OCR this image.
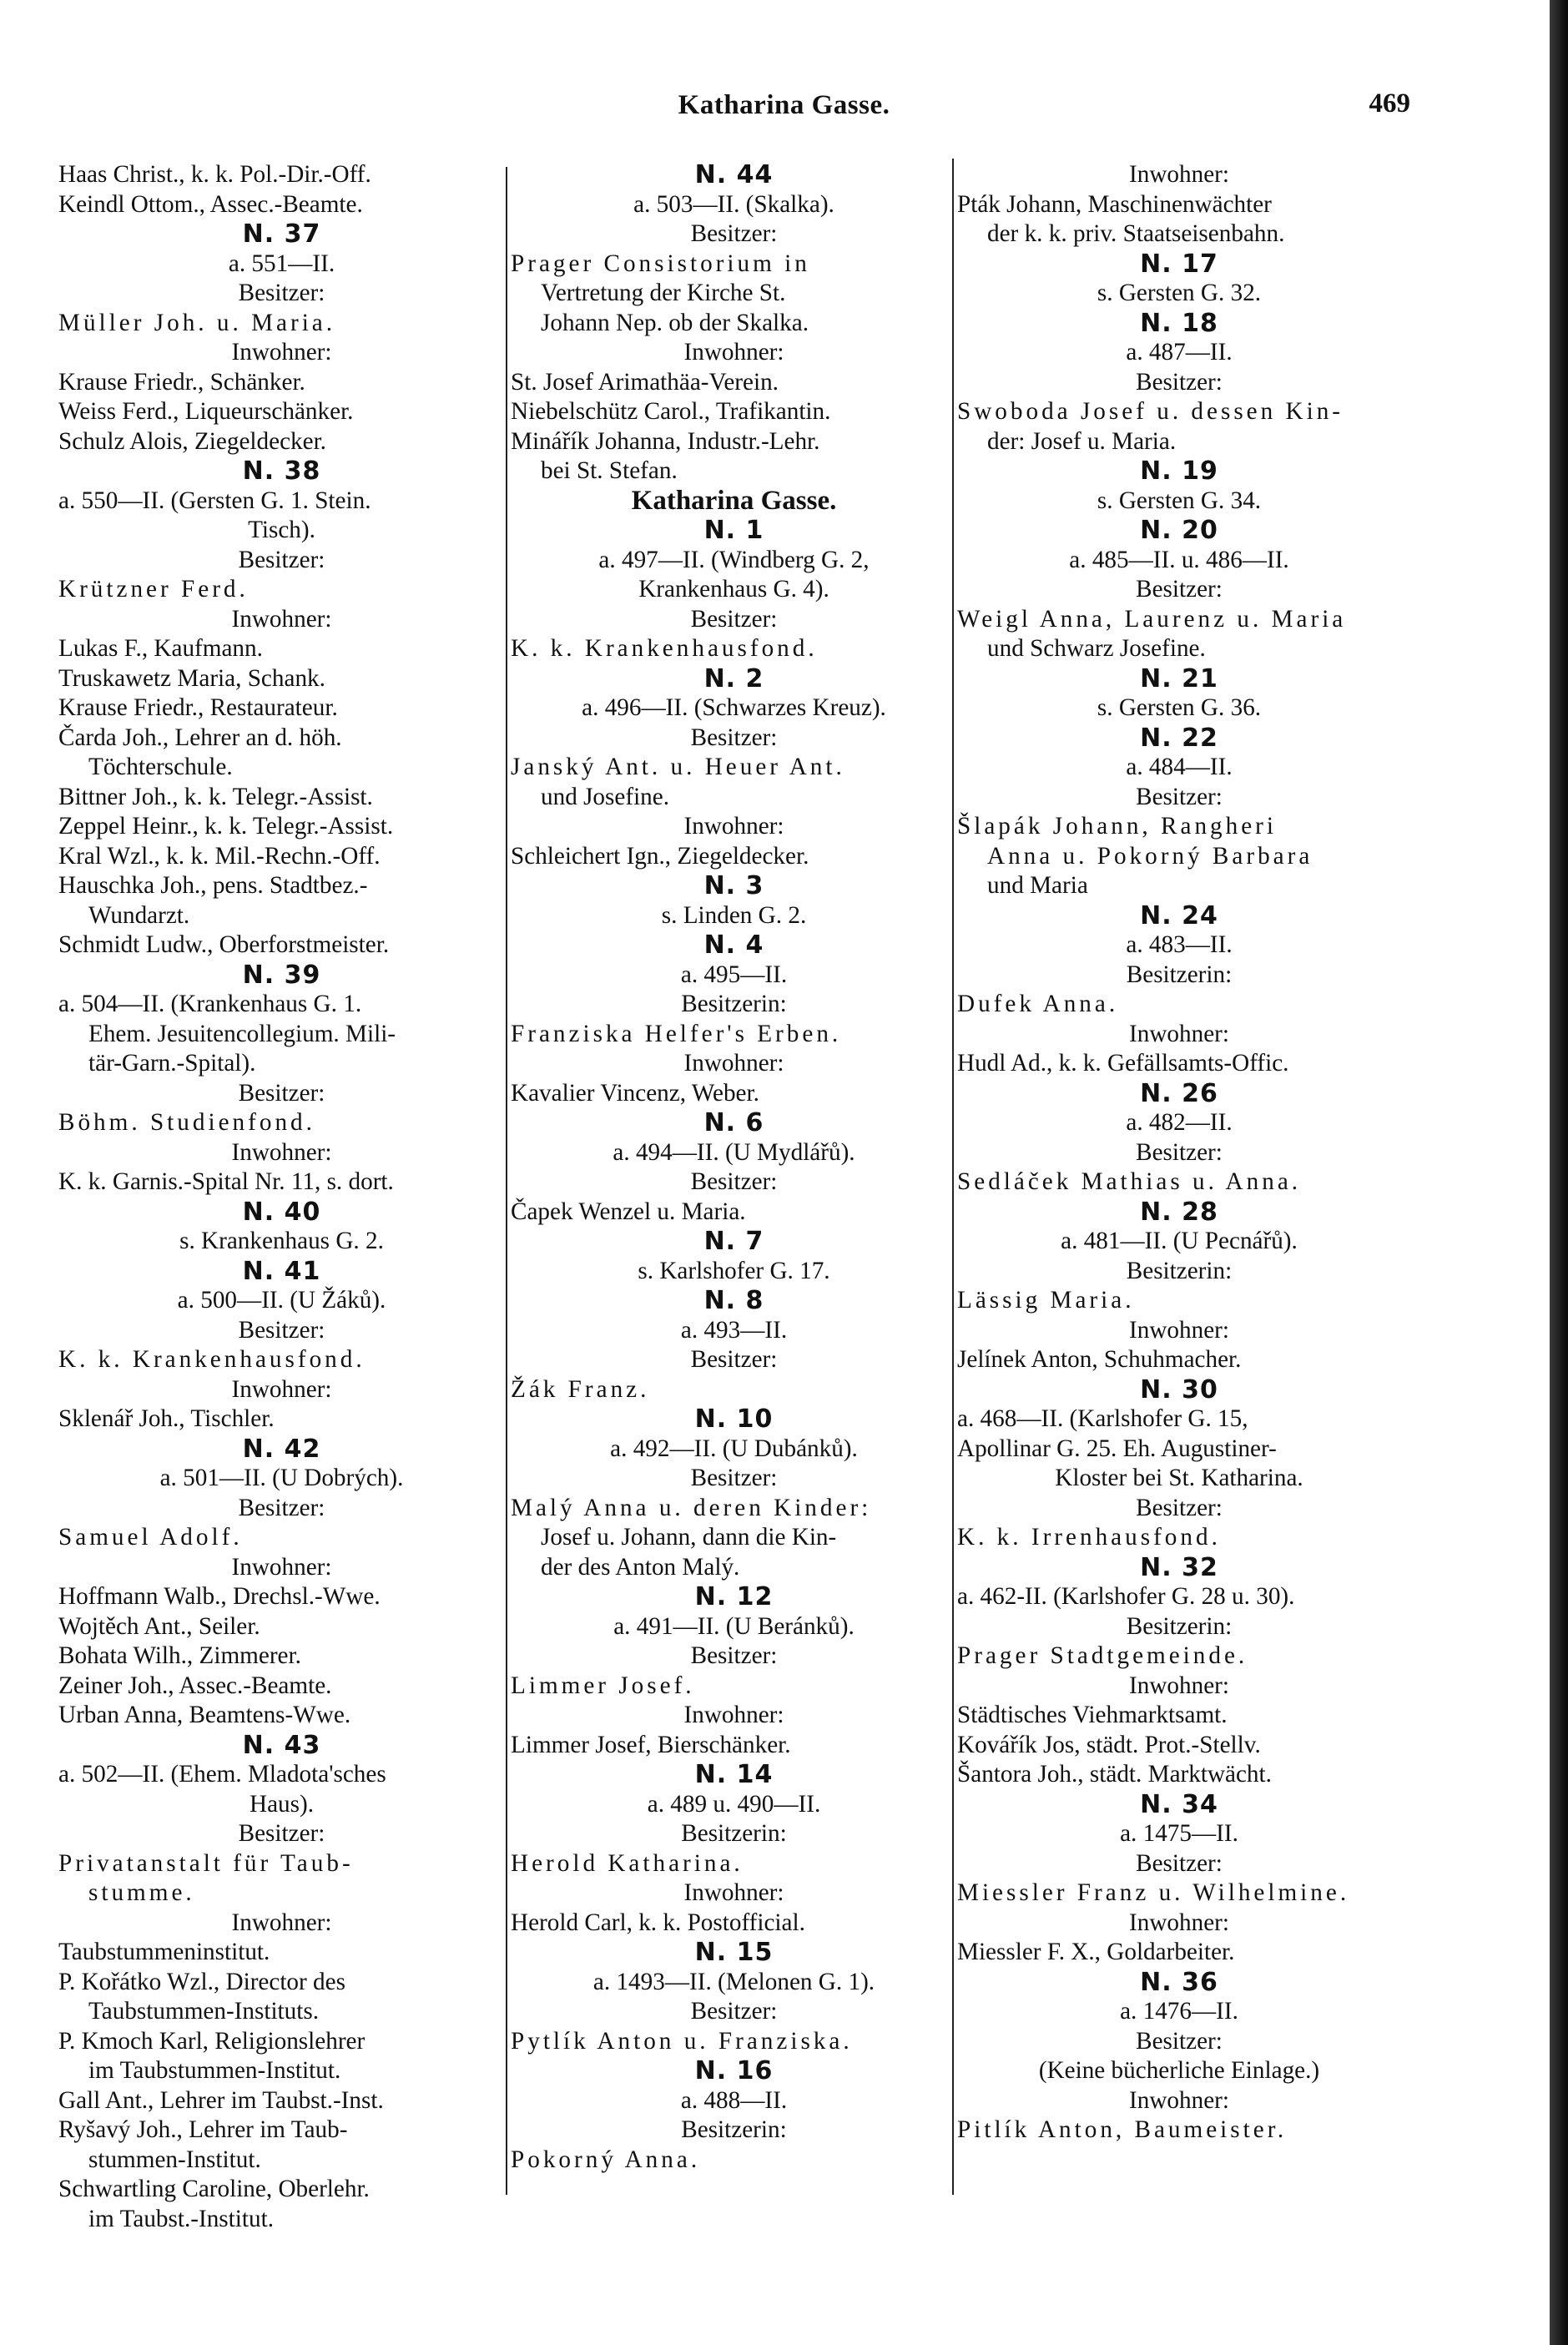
Katharina Gasse.	469
Haas Christ., k. k. Pol.-Dir.-Off.
Keindl Ottom., Assec.-Beamte.
N. 37
a. 551—II.
Besitzer:
Müller Joh. u. Maria.
Inwohner:
Krause Friedr., Schänker.
Weiss Ferd., Liqueurschänker.
Schulz Alois, Ziegeldecker.
N. 38
a. 550—II. (Gersten G. 1. Stein.
Tisch).
Besitzer:
Krützner Ferd.
Inwohner:
Lukas F., Kaufmann.
Truskawetz Maria, Schank.
Krause Friedr., Restaurateur.
Čarda Joh., Lehrer an d. höh.
Töchterschule.
Bittner Joh., k. k. Telegr.-Assist.
Zeppel Heinr., k. k. Telegr.-Assist.
Kral Wzl., k. k. Mil.-Rechn.-Off.
Hauschka Joh., pens. Stadtbez.-
Wundarzt.
Schmidt Ludw., Oberforstmeister.
N. 39
a. 504—II. (Krankenhaus G. 1.
Ehem. Jesuitencollegium. Mili-
tär-Garn.-Spital).
Besitzer:
Böhm. Studienfond.
Inwohner:
K. k. Garnis.-Spital Nr. 11, s. dort.
N. 40
s. Krankenhaus G. 2.
N. 41
a. 500—II. (U Žáků).
Besitzer:
K. k. Krankenhausfond.
Inwohner:
Sklenář Joh., Tischler.
N. 42
a. 501—II. (U Dobrých).
Besitzer:
Samuel Adolf.
Inwohner:
Hoffmann Walb., Drechsl.-Wwe.
Wojtěch Ant., Seiler.
Bohata Wilh., Zimmerer.
Zeiner Joh., Assec.-Beamte.
Urban Anna, Beamtens-Wwe.
N. 43
a. 502—II. (Ehem. Mladota'sches
Haus).
Besitzer:
Privatanstalt für Taub-
stumme.
Inwohner:
Taubstummeninstitut.
P. Kořátko Wzl., Director des
Taubstummen-Instituts.
P. Kmoch Karl, Religionslehrer
im Taubstummen-Institut.
Gall Ant., Lehrer im Taubst.-Inst.
Ryšavý Joh., Lehrer im Taub-
stummen-Institut.
Schwartling Caroline, Oberlehr.
im Taubst.-Institut.
N. 44
a. 503—II. (Skalka).
Besitzer:
Prager Consistorium in
Vertretung der Kirche St.
Johann Nep. ob der Skalka.
Inwohner:
St. Josef Arimathäa-Verein.
Niebelschütz Carol., Trafikantin.
Minářík Johanna, Industr.-Lehr.
bei St. Stefan.
Katharina Gasse.
N. 1
a. 497—II. (Windberg G. 2,
Krankenhaus G. 4).
Besitzer:
K. k. Krankenhausfond.
N. 2
a. 496—II. (Schwarzes Kreuz).
Besitzer:
Janský Ant. u. Heuer Ant.
und Josefine.
Inwohner:
Schleichert Ign., Ziegeldecker.
N. 3
s. Linden G. 2.
N. 4
a. 495—II.
Besitzerin:
Franziska Helfer's Erben.
Inwohner:
Kavalier Vincenz, Weber.
N. 6
a. 494—II. (U Mydlářů).
Besitzer:
Čapek Wenzel u. Maria.
N. 7
s. Karlshofer G. 17.
N. 8
a. 493—II.
Besitzer:
Žák Franz.
N. 10
a. 492—II. (U Dubánků).
Besitzer:
Malý Anna u. deren Kinder:
Josef u. Johann, dann die Kin-
der des Anton Malý.
N. 12
a. 491—II. (U Beránků).
Besitzer:
Limmer Josef.
Inwohner:
Limmer Josef, Bierschänker.
N. 14
a. 489 u. 490—II.
Besitzerin:
Herold Katharina.
Inwohner:
Herold Carl, k. k. Postofficial.
N. 15
a. 1493—II. (Melonen G. 1).
Besitzer:
Pytlík Anton u. Franziska.
N. 16
a. 488—II.
Besitzerin:
Pokorný Anna.
Inwohner:
Pták Johann, Maschinenwächter
der k. k. priv. Staatseisenbahn.
N. 17
s. Gersten G. 32.
N. 18
a. 487—II.
Besitzer:
Swoboda Josef u. dessen Kin-
der: Josef u. Maria.
N. 19
s. Gersten G. 34.
N. 20
a. 485—II. u. 486—II.
Besitzer:
Weigl Anna, Laurenz u. Maria
und Schwarz Josefine.
N. 21
s. Gersten G. 36.
N. 22
a. 484—II.
Besitzer:
Šlapák Johann, Rangheri
Anna u. Pokorný Barbara
und Maria
N. 24
a. 483—II.
Besitzerin:
Dufek Anna.
Inwohner:
Hudl Ad., k. k. Gefällsamts-Offic.
N. 26
a. 482—II.
Besitzer:
Sedláček Mathias u. Anna.
N. 28
a. 481—II. (U Pecnářů).
Besitzerin:
Lässig Maria.
Inwohner:
Jelínek Anton, Schuhmacher.
N. 30
a. 468—II. (Karlshofer G. 15,
Apollinar G. 25. Eh. Augustiner-
Kloster bei St. Katharina.
Besitzer:
K. k. Irrenhausfond.
N. 32
a. 462-II. (Karlshofer G. 28 u. 30).
Besitzerin:
Prager Stadtgemeinde.
Inwohner:
Städtisches Viehmarktsamt.
Kovářík Jos, städt. Prot.-Stellv.
Šantora Joh., städt. Marktwächt.
N. 34
a. 1475—II.
Besitzer:
Miessler Franz u. Wilhelmine.
Inwohner:
Miessler F. X., Goldarbeiter.
N. 36
a. 1476—II.
Besitzer:
(Keine bücherliche Einlage.)
Inwohner:
Pitlík Anton, Baumeister.
